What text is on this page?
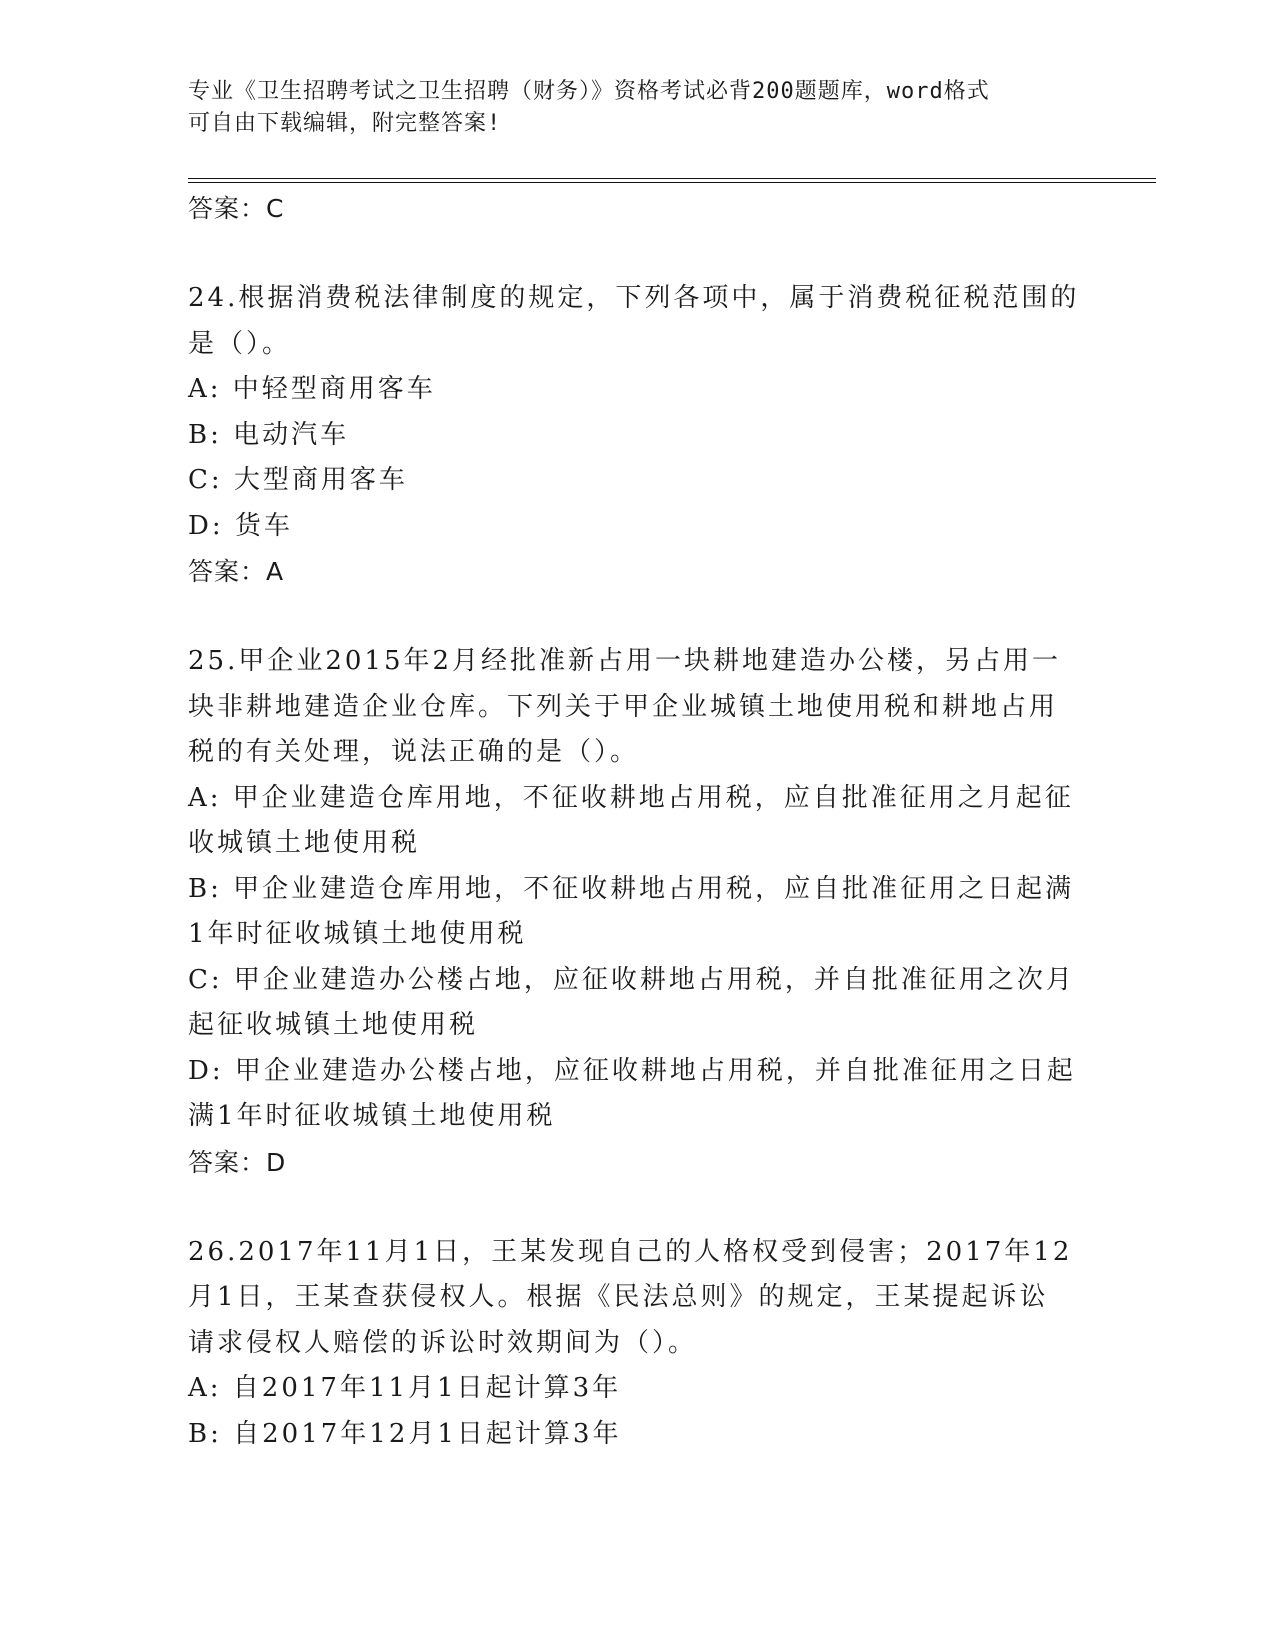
专业《卫生招聘考试之卫生招聘（财务）》资格考试必背200题题库，word格式
可自由下载编辑，附完整答案!
答案：C
24.根据消费税法律制度的规定，下列各项中，属于消费税征税范围的
是（）。
A: 中轻型商用客车
B: 电动汽车
C: 大型商用客车
D: 货车
答案：A
25.甲企业2015年2月经批准新占用一块耕地建造办公楼，另占用一
块非耕地建造企业仓库。下列关于甲企业城镇土地使用税和耕地占用
税的有关处理，说法正确的是（）。
A: 甲企业建造仓库用地，不征收耕地占用税，应自批准征用之月起征
收城镇土地使用税
B: 甲企业建造仓库用地，不征收耕地占用税，应自批准征用之日起满
1年时征收城镇土地使用税
C: 甲企业建造办公楼占地，应征收耕地占用税，并自批准征用之次月
起征收城镇土地使用税
D: 甲企业建造办公楼占地，应征收耕地占用税，并自批准征用之日起
满1年时征收城镇土地使用税
答案：D
26.2017年11月1日，王某发现自己的人格权受到侵害；2017年12
月1日，王某查获侵权人。根据《民法总则》的规定，王某提起诉讼
请求侵权人赔偿的诉讼时效期间为（）。
A: 自2017年11月1日起计算3年
B: 自2017年12月1日起计算3年
